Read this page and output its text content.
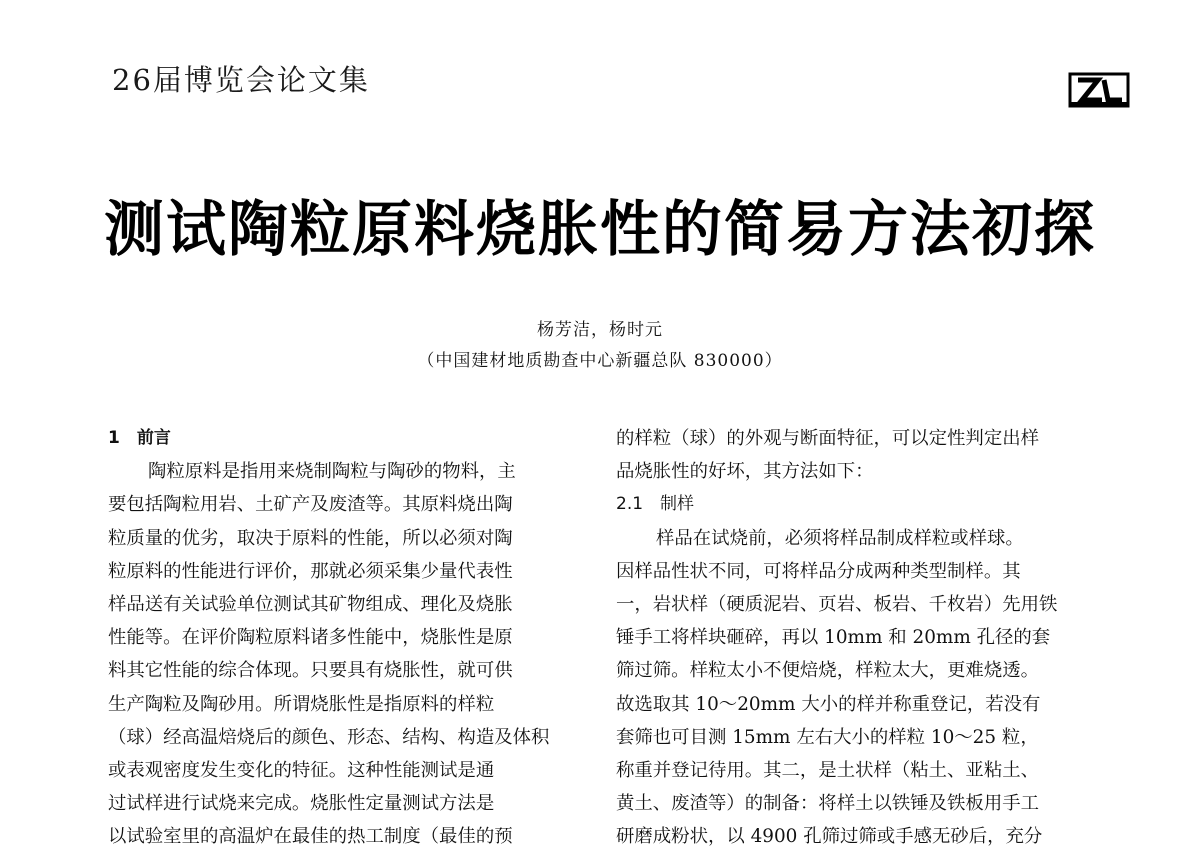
26届博览会论文集
测试陶粒原料烧胀性的简易方法初探
杨芳洁，杨时元
（中国建材地质勘查中心新疆总队 830000）
1　前言
陶粒原料是指用来烧制陶粒与陶砂的物料，主
要包括陶粒用岩、土矿产及废渣等。其原料烧出陶
粒质量的优劣，取决于原料的性能，所以必须对陶
粒原料的性能进行评价，那就必须采集少量代表性
样品送有关试验单位测试其矿物组成、理化及烧胀
性能等。在评价陶粒原料诸多性能中，烧胀性是原
料其它性能的综合体现。只要具有烧胀性，就可供
生产陶粒及陶砂用。所谓烧胀性是指原料的样粒
（球）经高温焙烧后的颜色、形态、结构、构造及体积
或表观密度发生变化的特征。这种性能测试是通
过试样进行试烧来完成。烧胀性定量测试方法是
以试验室里的高温炉在最佳的热工制度（最佳的预
的样粒（球）的外观与断面特征，可以定性判定出样
品烧胀性的好坏，其方法如下：
2.1　制样
样品在试烧前，必须将样品制成样粒或样球。
因样品性状不同，可将样品分成两种类型制样。其
一，岩状样（硬质泥岩、页岩、板岩、千枚岩）先用铁
锤手工将样块砸碎，再以 10mm 和 20mm 孔径的套
筛过筛。样粒太小不便焙烧，样粒太大，更难烧透。
故选取其 10～20mm 大小的样并称重登记，若没有
套筛也可目测 15mm 左右大小的样粒 10～25 粒，
称重并登记待用。其二，是土状样（粘土、亚粘土、
黄土、废渣等）的制备：将样土以铁锤及铁板用手工
研磨成粉状，以 4900 孔筛过筛或手感无砂后，充分
